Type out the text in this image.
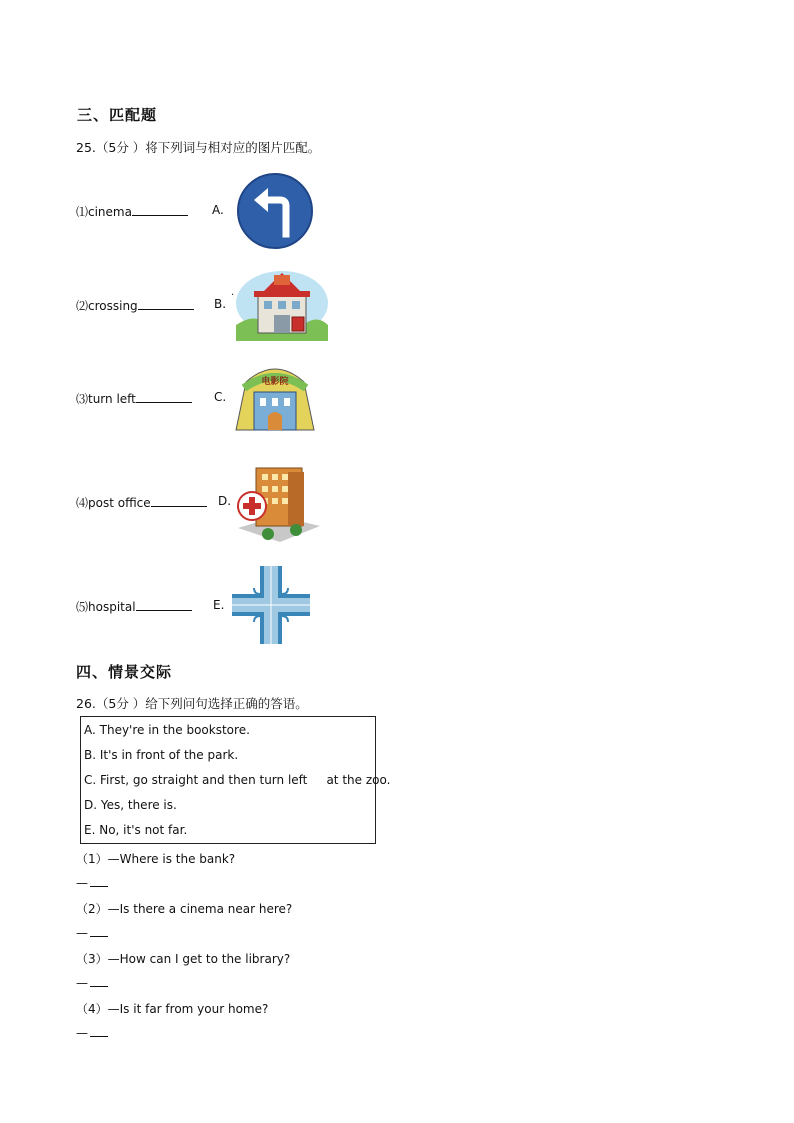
三、匹配题
25.（5分 ）将下列词与相对应的图片匹配。
⑴cinema	A.
⑵crossing	B.
·
⑶turn left	C.
⑷post office	D.
⑸hospital	E.
电影院
四、情景交际
26.（5分 ）给下列问句选择正确的答语。
A. They're in the bookstore.
B. It's in front of the park.
C. First, go straight and then turn left     at the zoo.
D. Yes, there is.
E. No, it's not far.
（1）—Where is the bank?
—
（2）—Is there a cinema near here?
—
（3）—How can I get to the library?
—
（4）—Is it far from your home?
—
